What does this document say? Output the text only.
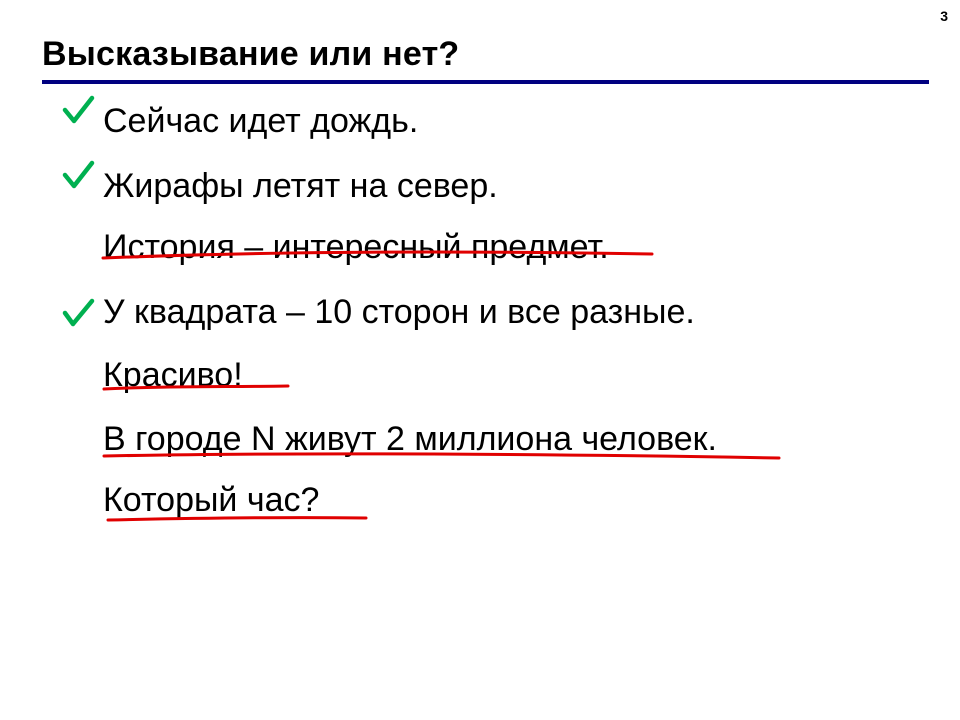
3
Высказывание или нет?
Сейчас идет дождь.
Жирафы летят на север.
История – интересный предмет.
У квадрата – 10 сторон и все разные.
Красиво!
В городе N живут 2 миллиона человек.
Который час?
